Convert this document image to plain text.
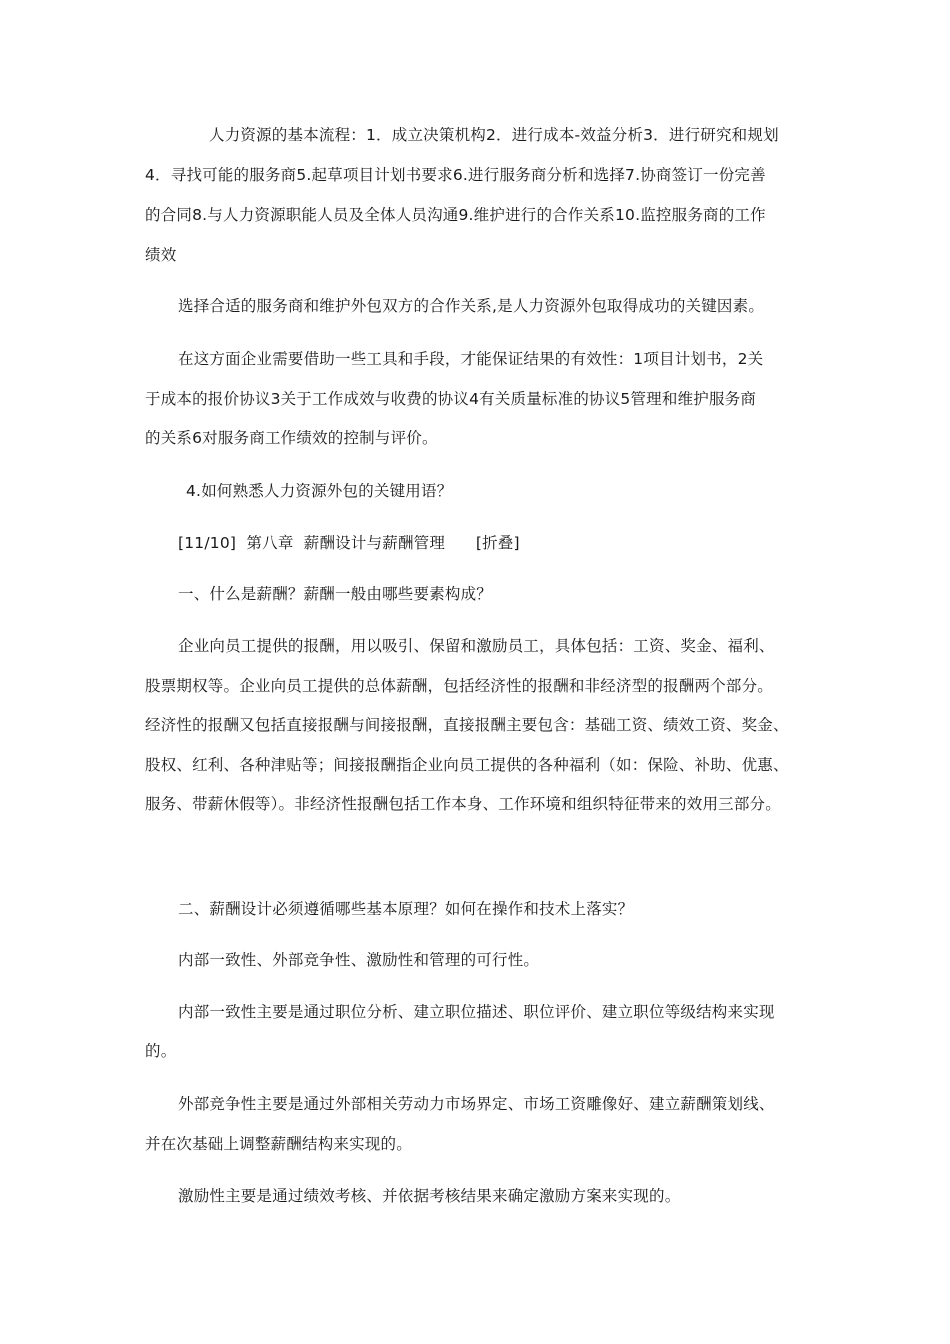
人力资源的基本流程：1．成立决策机构2．进行成本-效益分析3．进行研究和规划
4．寻找可能的服务商5.起草项目计划书要求6.进行服务商分析和选择7.协商签订一份完善
的合同8.与人力资源职能人员及全体人员沟通9.维护进行的合作关系10.监控服务商的工作
绩效
选择合适的服务商和维护外包双方的合作关系,是人力资源外包取得成功的关键因素。
在这方面企业需要借助一些工具和手段，才能保证结果的有效性：1项目计划书，2关
于成本的报价协议3关于工作成效与收费的协议4有关质量标准的协议5管理和维护服务商
的关系6对服务商工作绩效的控制与评价。
4.如何熟悉人力资源外包的关键用语？
[11/10]  第八章  薪酬设计与薪酬管理      [折叠]
一、什么是薪酬？薪酬一般由哪些要素构成？
企业向员工提供的报酬，用以吸引、保留和激励员工，具体包括：工资、奖金、福利、
股票期权等。企业向员工提供的总体薪酬，包括经济性的报酬和非经济型的报酬两个部分。
经济性的报酬又包括直接报酬与间接报酬，直接报酬主要包含：基础工资、绩效工资、奖金、
股权、红利、各种津贴等；间接报酬指企业向员工提供的各种福利（如：保险、补助、优惠、
服务、带薪休假等）。非经济性报酬包括工作本身、工作环境和组织特征带来的效用三部分。
二、薪酬设计必须遵循哪些基本原理？如何在操作和技术上落实？
内部一致性、外部竞争性、激励性和管理的可行性。
内部一致性主要是通过职位分析、建立职位描述、职位评价、建立职位等级结构来实现
的。
外部竞争性主要是通过外部相关劳动力市场界定、市场工资雕像好、建立薪酬策划线、
并在次基础上调整薪酬结构来实现的。
激励性主要是通过绩效考核、并依据考核结果来确定激励方案来实现的。
